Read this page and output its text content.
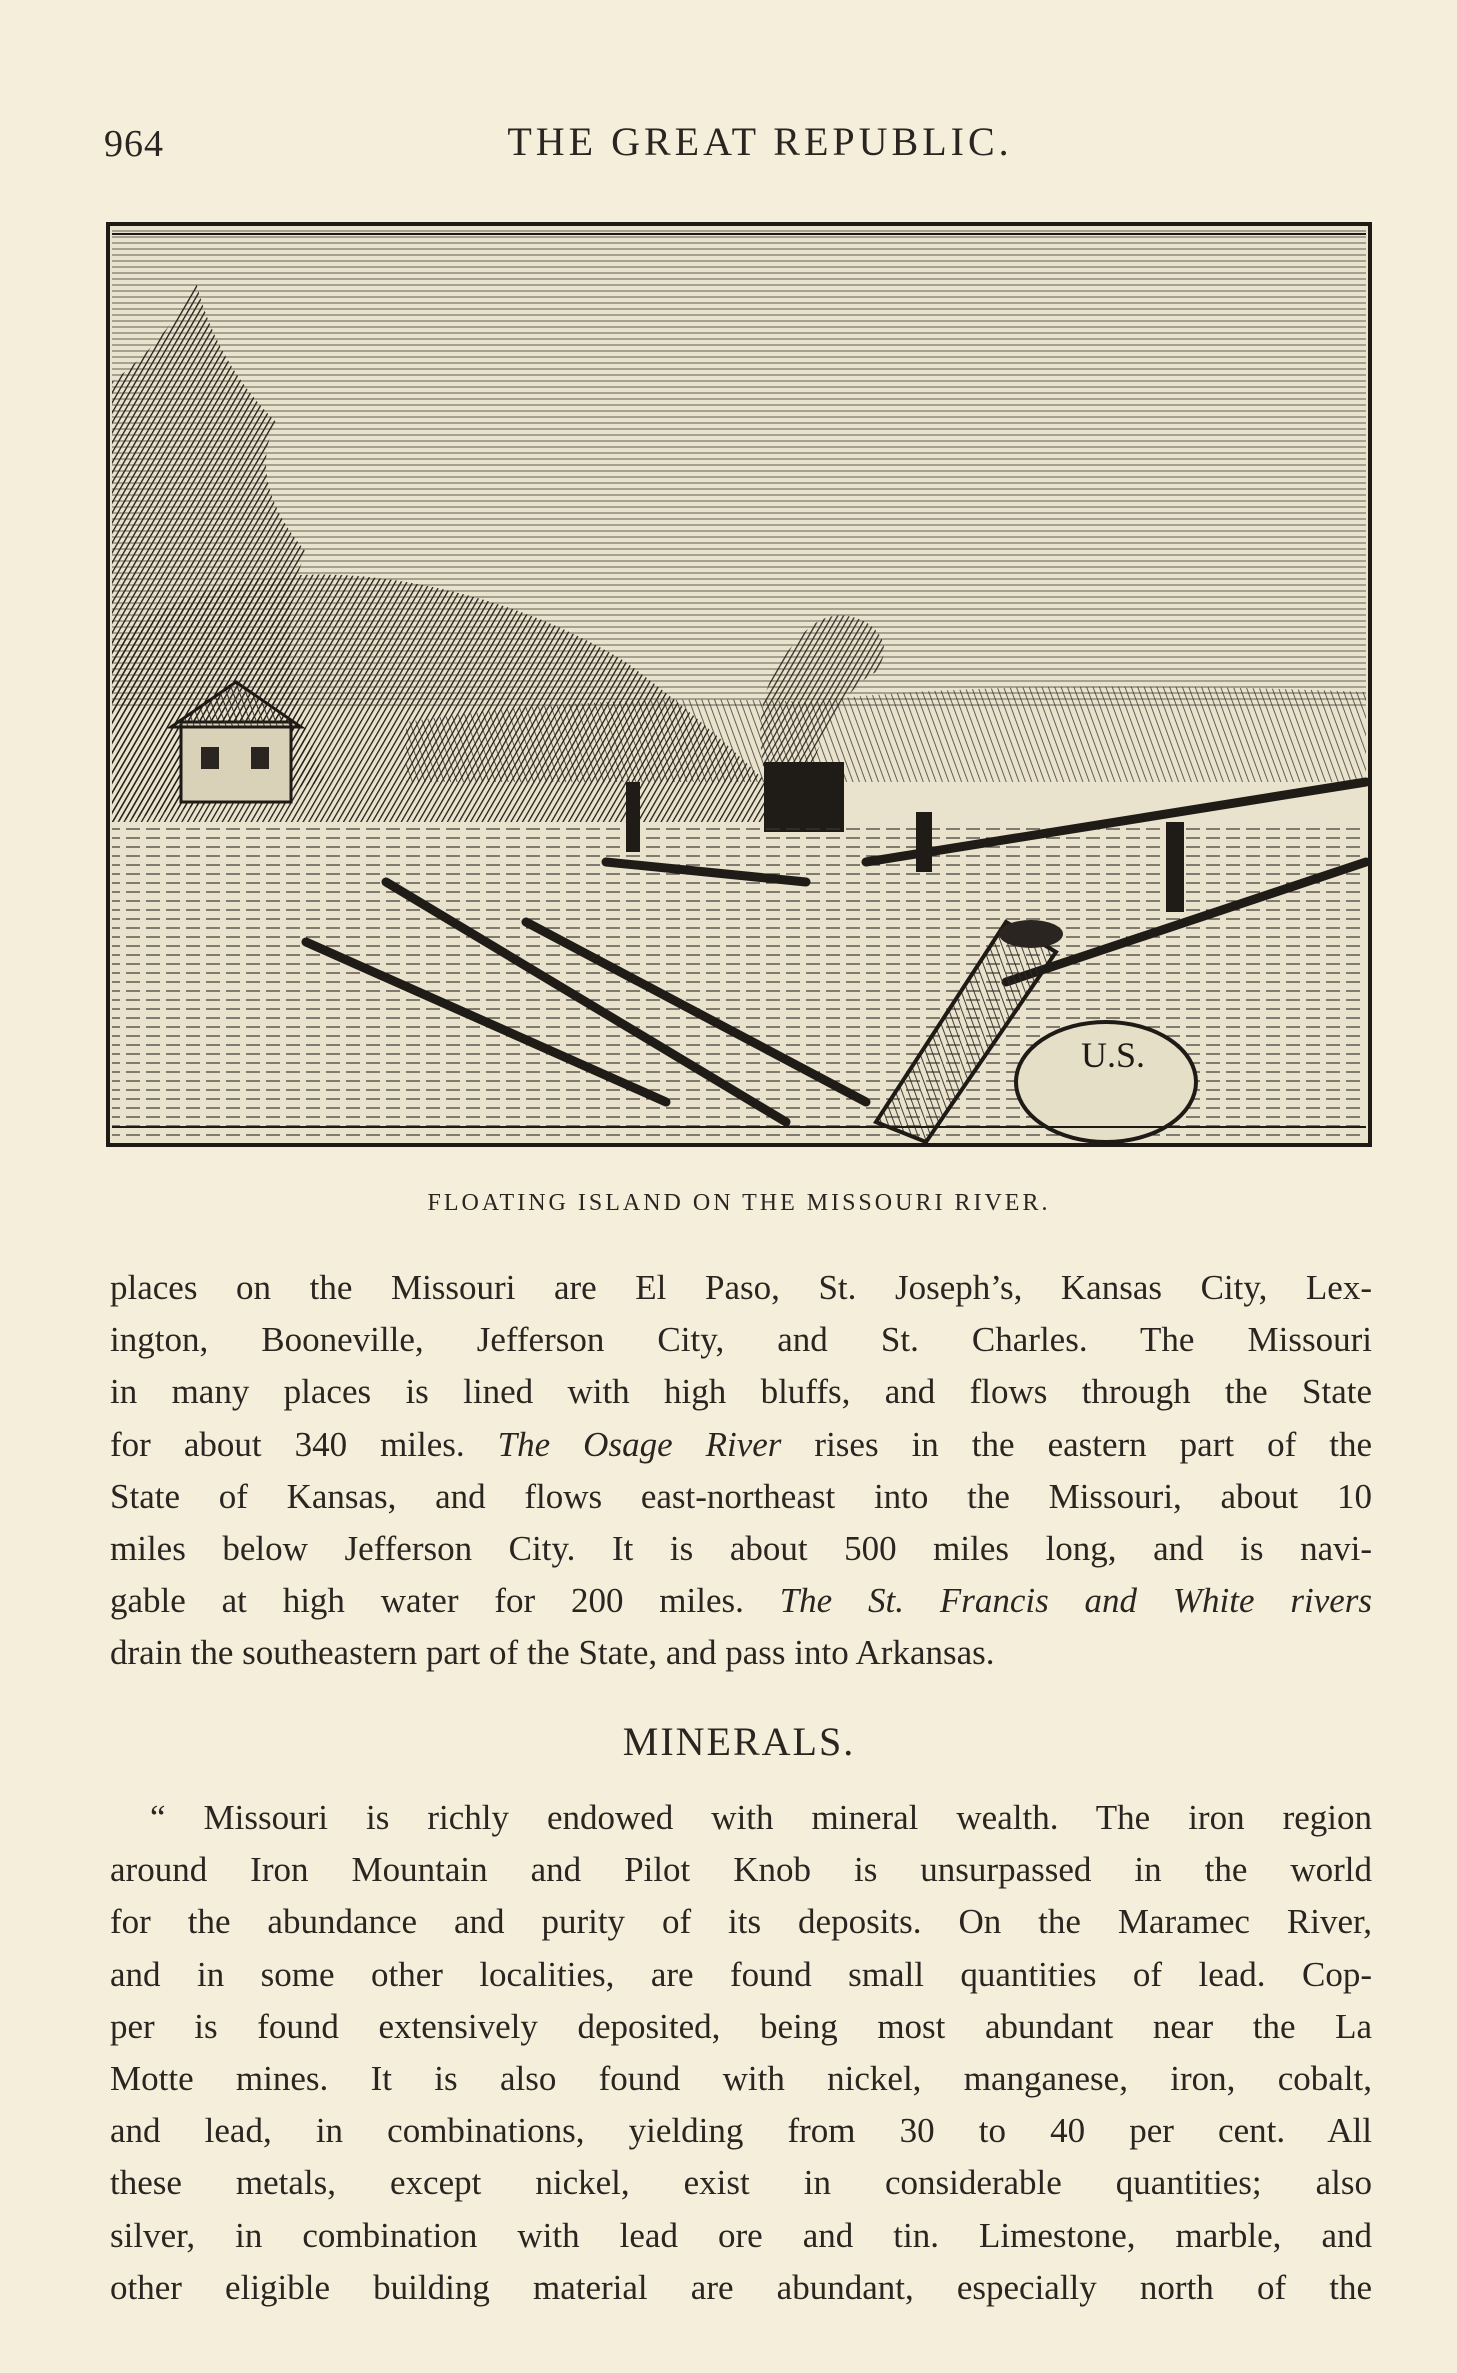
964	THE GREAT REPUBLIC.
U.S.
FLOATING ISLAND ON THE MISSOURI RIVER.
places on the Missouri are El Paso, St. Joseph’s, Kansas City, Lex-
ington, Booneville, Jefferson City, and St. Charles. The Missouri
in many places is lined with high bluffs, and flows through the State
for about 340 miles. The Osage River rises in the eastern part of the
State of Kansas, and flows east-northeast into the Missouri, about 10
miles below Jefferson City. It is about 500 miles long, and is navi-
gable at high water for 200 miles. The St. Francis and White rivers
drain the southeastern part of the State, and pass into Arkansas.
MINERALS.
“ Missouri is richly endowed with mineral wealth. The iron region
around Iron Mountain and Pilot Knob is unsurpassed in the world
for the abundance and purity of its deposits. On the Maramec River,
and in some other localities, are found small quantities of lead. Cop-
per is found extensively deposited, being most abundant near the La
Motte mines. It is also found with nickel, manganese, iron, cobalt,
and lead, in combinations, yielding from 30 to 40 per cent. All
these metals, except nickel, exist in considerable quantities; also
silver, in combination with lead ore and tin. Limestone, marble, and
other eligible building material are abundant, especially north of the
